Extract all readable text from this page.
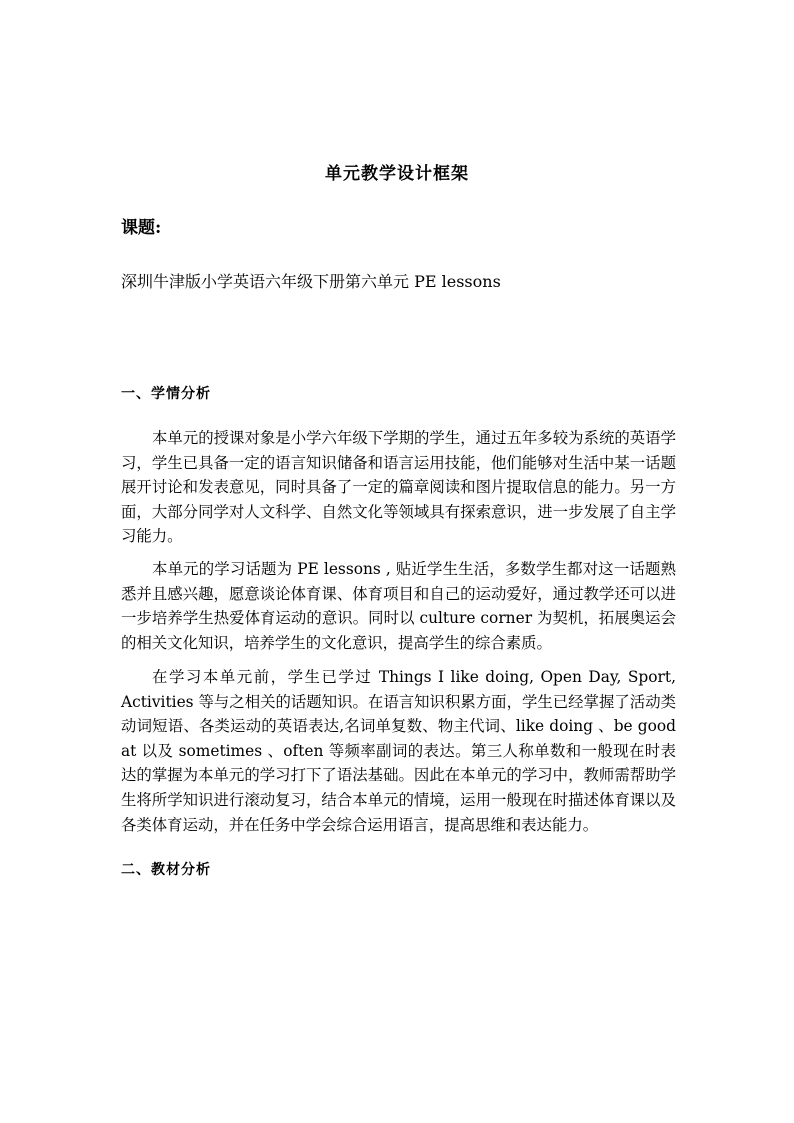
单元教学设计框架
课题:
深圳牛津版小学英语六年级下册第六单元 PE lessons
一、学情分析

本单元的授课对象是小学六年级下学期的学生，通过五年多较为系统的英语学习，学生已具备一定的语言知识储备和语言运用技能，他们能够对生活中某一话题展开讨论和发表意见，同时具备了一定的篇章阅读和图片提取信息的能力。另一方面，大部分同学对人文科学、自然文化等领域具有探索意识，进一步发展了自主学习能力。

本单元的学习话题为 PE lessons , 贴近学生生活，多数学生都对这一话题熟悉并且感兴趣，愿意谈论体育课、体育项目和自己的运动爱好，通过教学还可以进一步培养学生热爱体育运动的意识。同时以 culture corner 为契机，拓展奥运会的相关文化知识，培养学生的文化意识，提高学生的综合素质。

在学习本单元前，学生已学过 Things I like doing, Open Day, Sport, Activities 等与之相关的话题知识。在语言知识积累方面，学生已经掌握了活动类动词短语、各类运动的英语表达,名词单复数、物主代词、like doing 、be good at 以及 sometimes 、often 等频率副词的表达。第三人称单数和一般现在时表达的掌握为本单元的学习打下了语法基础。因此在本单元的学习中，教师需帮助学生将所学知识进行滚动复习，结合本单元的情境，运用一般现在时描述体育课以及各类体育运动，并在任务中学会综合运用语言，提高思维和表达能力。

二、教材分析
